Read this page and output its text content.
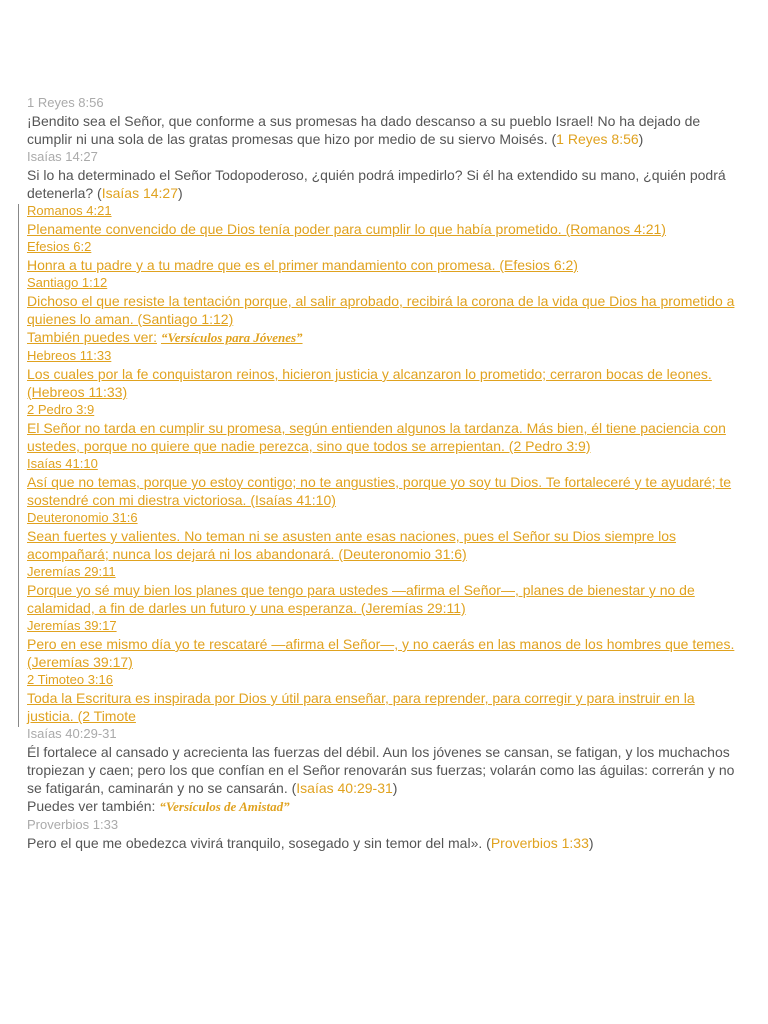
1 Reyes 8:56
¡Bendito sea el Señor, que conforme a sus promesas ha dado descanso a su pueblo Israel! No ha dejado de cumplir ni una sola de las gratas promesas que hizo por medio de su siervo Moisés. (1 Reyes 8:56)
Isaías 14:27
Si lo ha determinado el Señor Todopoderoso, ¿quién podrá impedirlo? Si él ha extendido su mano, ¿quién podrá detenerla? (Isaías 14:27)
Romanos 4:21
Plenamente convencido de que Dios tenía poder para cumplir lo que había prometido. (Romanos 4:21)
Efesios 6:2
Honra a tu padre y a tu madre que es el primer mandamiento con promesa. (Efesios 6:2)
Santiago 1:12
Dichoso el que resiste la tentación porque, al salir aprobado, recibirá la corona de la vida que Dios ha prometido a quienes lo aman. (Santiago 1:12)
También puedes ver: “Versículos para Jóvenes”
Hebreos 11:33
Los cuales por la fe conquistaron reinos, hicieron justicia y alcanzaron lo prometido; cerraron bocas de leones. (Hebreos 11:33)
2 Pedro 3:9
El Señor no tarda en cumplir su promesa, según entienden algunos la tardanza. Más bien, él tiene paciencia con ustedes, porque no quiere que nadie perezca, sino que todos se arrepientan. (2 Pedro 3:9)
Isaías 41:10
Así que no temas, porque yo estoy contigo; no te angusties, porque yo soy tu Dios. Te fortaleceré y te ayudaré; te sostendré con mi diestra victoriosa. (Isaías 41:10)
Deuteronomio 31:6
Sean fuertes y valientes. No teman ni se asusten ante esas naciones, pues el Señor su Dios siempre los acompañará; nunca los dejará ni los abandonará. (Deuteronomio 31:6)
Jeremías 29:11
Porque yo sé muy bien los planes que tengo para ustedes —afirma el Señor—, planes de bienestar y no de calamidad, a fin de darles un futuro y una esperanza. (Jeremías 29:11)
Jeremías 39:17
Pero en ese mismo día yo te rescataré —afirma el Señor—, y no caerás en las manos de los hombres que temes. (Jeremías 39:17)
2 Timoteo 3:16
Toda la Escritura es inspirada por Dios y útil para enseñar, para reprender, para corregir y para instruir en la justicia. (2 Timote
Isaías 40:29-31
Él fortalece al cansado y acrecienta las fuerzas del débil. Aun los jóvenes se cansan, se fatigan, y los muchachos tropiezan y caen; pero los que confían en el Señor renovarán sus fuerzas; volarán como las águilas: correrán y no se fatigarán, caminarán y no se cansarán. (Isaías 40:29-31)
Puedes ver también: “Versículos de Amistad”
Proverbios 1:33
Pero el que me obedezca vivirá tranquilo, sosegado y sin temor del mal». (Proverbios 1:33)
